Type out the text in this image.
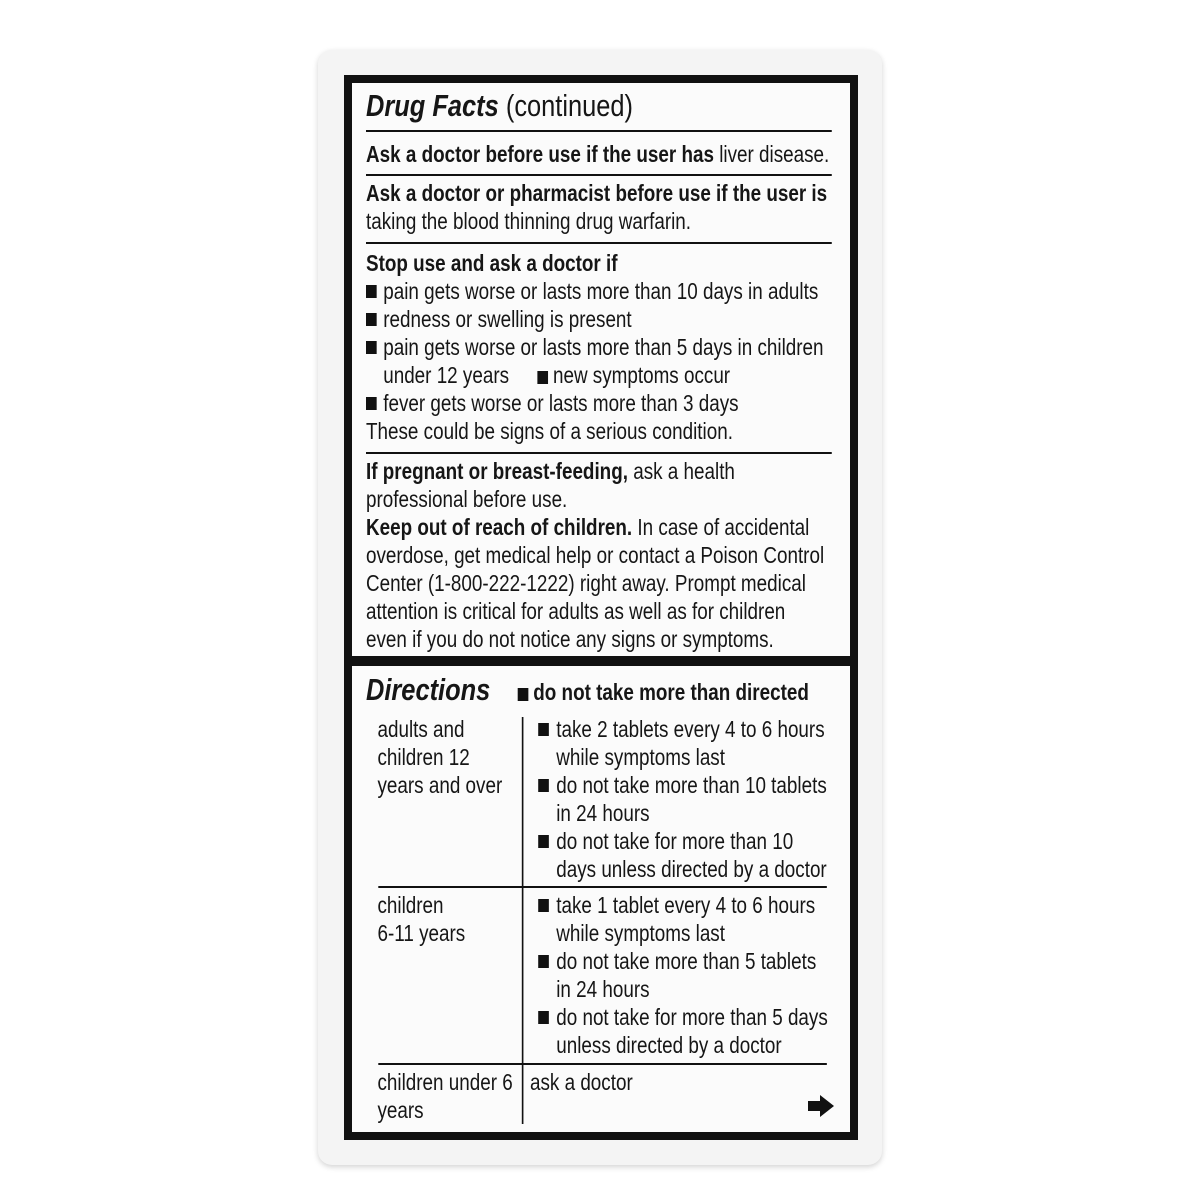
Drug Facts (continued)
Ask a doctor before use if the user has liver disease.
Ask a doctor or pharmacist before use if the user is
taking the blood thinning drug warfarin.
Stop use and ask a doctor if
pain gets worse or lasts more than 10 days in adults
redness or swelling is present
pain gets worse or lasts more than 5 days in children
under 12 years new symptoms occur
fever gets worse or lasts more than 3 days
These could be signs of a serious condition.
If pregnant or breast-feeding, ask a health
professional before use.
Keep out of reach of children. In case of accidental
overdose, get medical help or contact a Poison Control
Center (1-800-222-1222) right away. Prompt medical
attention is critical for adults as well as for children
even if you do not notice any signs or symptoms.
Directions do not take more than directed
adults and
children 12
years and over
take 2 tablets every 4 to 6 hours
while symptoms last
do not take more than 10 tablets
in 24 hours
do not take for more than 10
days unless directed by a doctor
children
6-11 years
take 1 tablet every 4 to 6 hours
while symptoms last
do not take more than 5 tablets
in 24 hours
do not take for more than 5 days
unless directed by a doctor
children under 6
years
ask a doctor
